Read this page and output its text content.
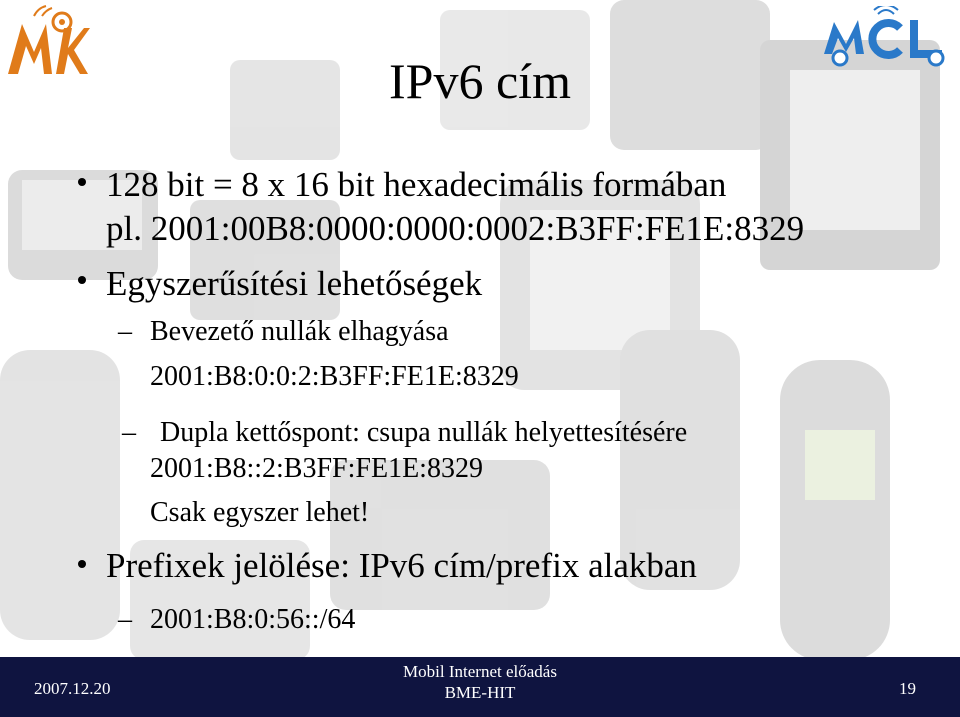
IPv6 cím
128 bit = 8 x 16 bit hexadecimális formában
pl. 2001:00B8:0000:0000:0002:B3FF:FE1E:8329
Egyszerűsítési lehetőségek
– Bevezető nullák elhagyása
2001:B8:0:0:2:B3FF:FE1E:8329
– Dupla kettőspont: csupa nullák helyettesítésére
2001:B8::2:B3FF:FE1E:8329
Csak egyszer lehet!
Prefixek jelölése: IPv6 cím/prefix alakban
– 2001:B8:0:56::/64
2007.12.20
Mobil Internet előadás
BME-HIT	19
